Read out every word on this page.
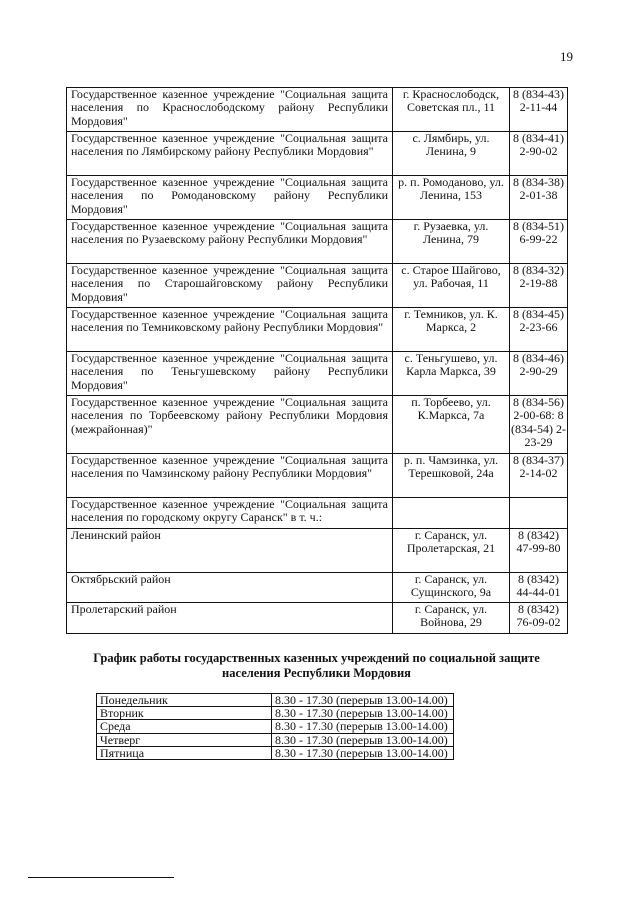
19
Государственное казенное учреждение "Социальная защита населения по Краснослободскому району Республики Мордовия"	г. Краснослободск, Советская пл., 11	8 (834-43) 2-11-44
Государственное казенное учреждение "Социальная защита населения по Лямбирскому району Республики Мордовия"	с. Лямбирь, ул. Ленина, 9	8 (834-41) 2-90-02
Государственное казенное учреждение "Социальная защита населения по Ромодановскому району Республики Мордовия"	р. п. Ромоданово, ул. Ленина, 153	8 (834-38) 2-01-38
Государственное казенное учреждение "Социальная защита населения по Рузаевскому району Республики Мордовия"	г. Рузаевка, ул. Ленина, 79	8 (834-51) 6-99-22
Государственное казенное учреждение "Социальная защита населения по Старошайговскому району Республики Мордовия"	с. Старое Шайгово, ул. Рабочая, 11	8 (834-32) 2-19-88
Государственное казенное учреждение "Социальная защита населения по Темниковскому району Республики Мордовия"	г. Темников, ул. К. Маркса, 2	8 (834-45) 2-23-66
Государственное казенное учреждение "Социальная защита населения по Теньгушевскому району Республики Мордовия"	с. Теньгушево, ул. Карла Маркса, 39	8 (834-46) 2-90-29
Государственное казенное учреждение "Социальная защита населения по Торбеевскому району Республики Мордовия (межрайонная)"	п. Торбеево, ул. К.Маркса, 7а	8 (834-56) 2-00-68: 8 (834-54) 2-23-29
Государственное казенное учреждение "Социальная защита населения по Чамзинскому району Республики Мордовия"	р. п. Чамзинка, ул. Терешковой, 24а	8 (834-37) 2-14-02
Государственное казенное учреждение "Социальная защита населения по городскому округу Саранск" в т. ч.:		
Ленинский район	г. Саранск, ул. Пролетарская, 21	8 (8342) 47-99-80
Октябрьский район	г. Саранск, ул. Сущинского, 9а	8 (8342) 44-44-01
Пролетарский район	г. Саранск, ул. Войнова, 29	8 (8342) 76-09-02
График работы государственных казенных учреждений по социальной защите населения Республики Мордовия
Понедельник	8.30 - 17.30 (перерыв 13.00-14.00)
Вторник	8.30 - 17.30 (перерыв 13.00-14.00)
Среда	8.30 - 17.30 (перерыв 13.00-14.00)
Четверг	8.30 - 17.30 (перерыв 13.00-14.00)
Пятница	8.30 - 17.30 (перерыв 13.00-14.00)
